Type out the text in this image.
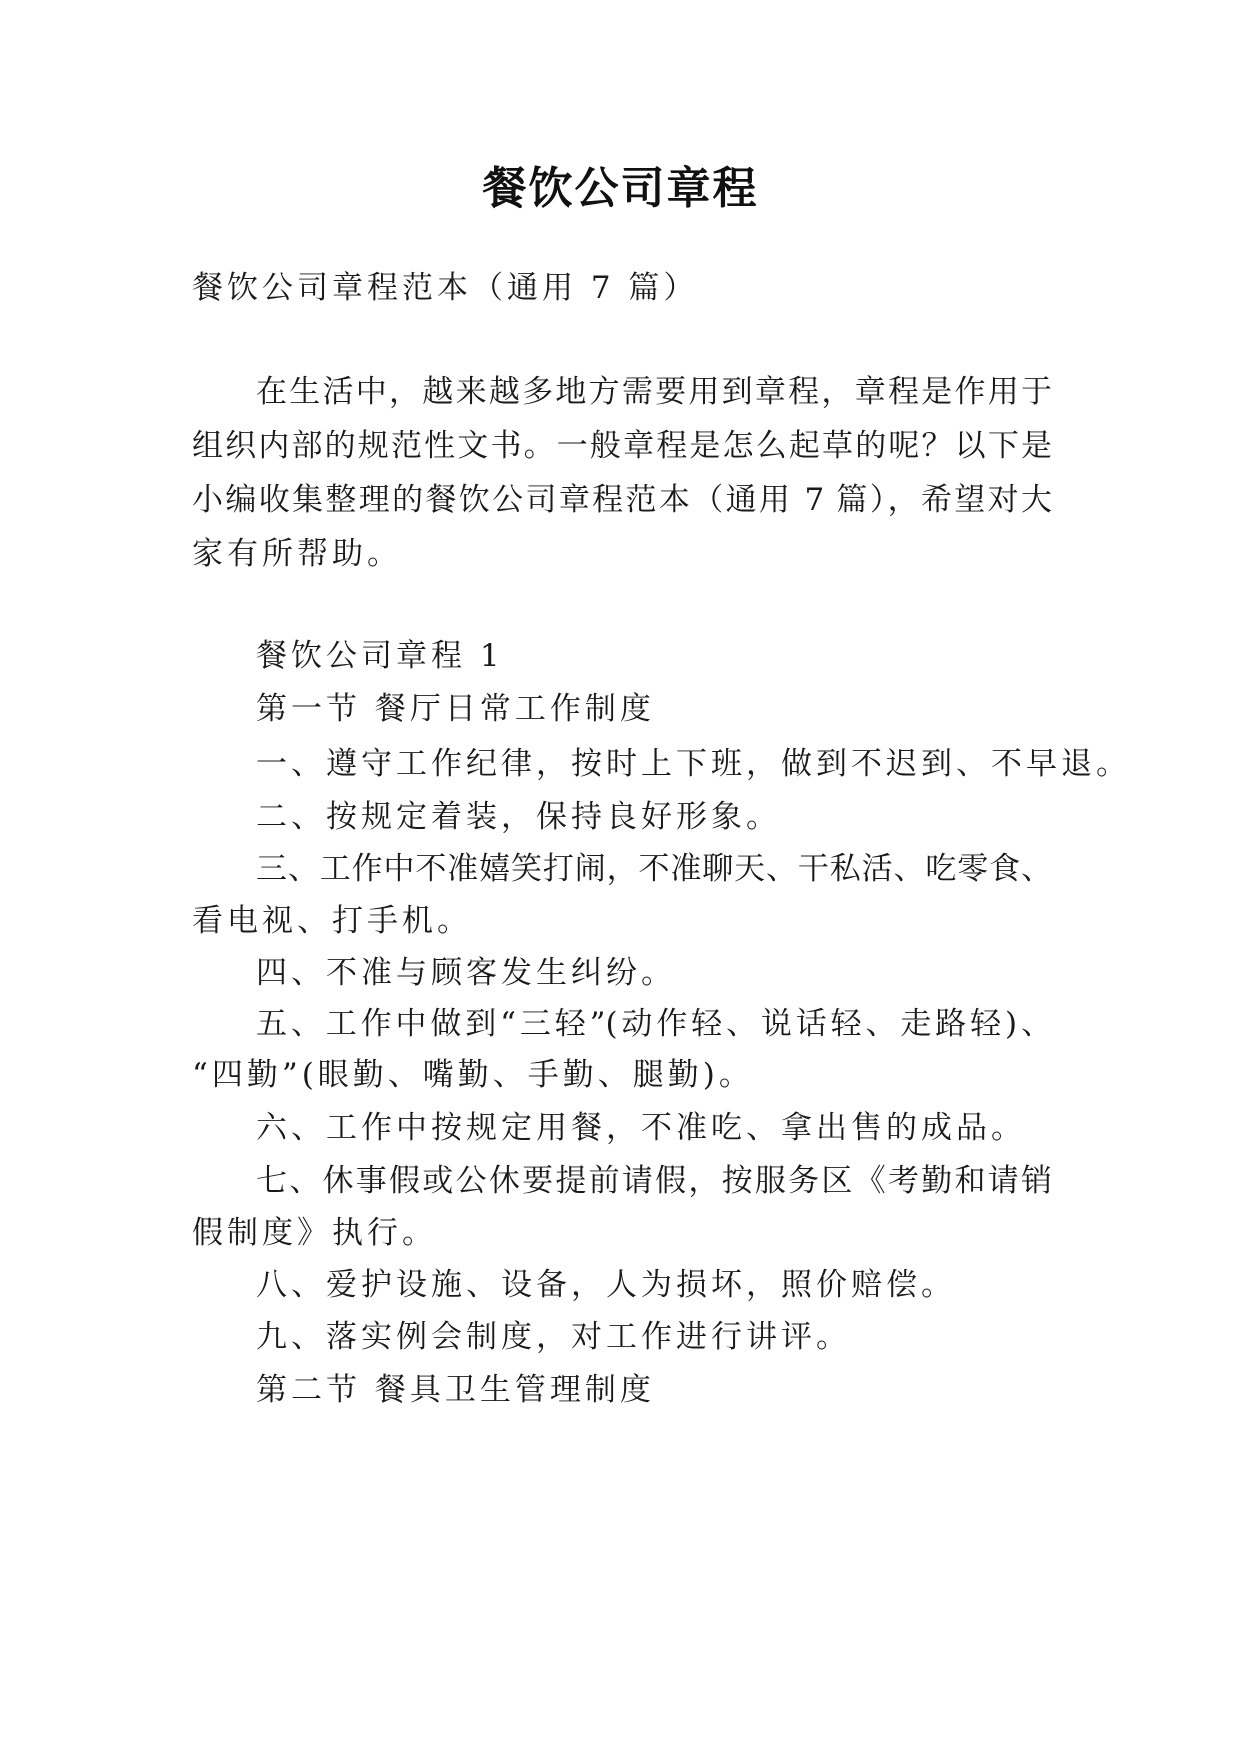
餐饮公司章程
餐饮公司章程范本（通用 7 篇）
在生活中，越来越多地方需要用到章程，章程是作用于
组织内部的规范性文书。一般章程是怎么起草的呢？以下是
小编收集整理的餐饮公司章程范本（通用 7 篇），希望对大
家有所帮助。
餐饮公司章程 1
第一节 餐厅日常工作制度
一、遵守工作纪律，按时上下班，做到不迟到、不早退。
二、按规定着装，保持良好形象。
三、工作中不准嬉笑打闹，不准聊天、干私活、吃零食、
看电视、打手机。
四、不准与顾客发生纠纷。
五、工作中做到“三轻”(动作轻、说话轻、走路轻)、
“四勤”(眼勤、嘴勤、手勤、腿勤)。
六、工作中按规定用餐，不准吃、拿出售的成品。
七、休事假或公休要提前请假，按服务区《考勤和请销
假制度》执行。
八、爱护设施、设备，人为损坏，照价赔偿。
九、落实例会制度，对工作进行讲评。
第二节 餐具卫生管理制度
